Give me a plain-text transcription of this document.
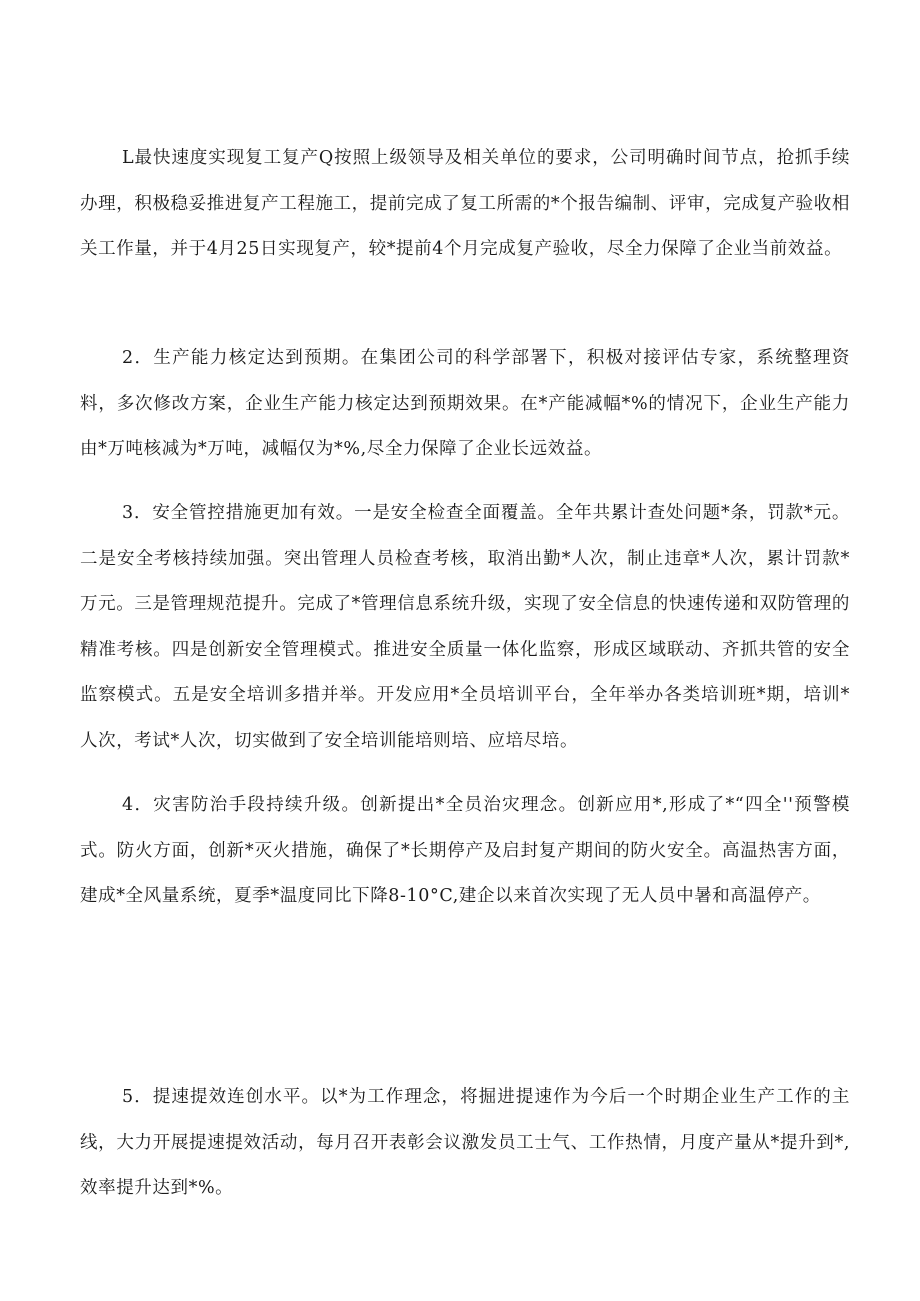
L最快速度实现复工复产Q按照上级领导及相关单位的要求，公司明确时间节点，抢抓手续办理，积极稳妥推进复产工程施工，提前完成了复工所需的*个报告编制、评审，完成复产验收相关工作量，并于4月25日实现复产，较*提前4个月完成复产验收，尽全力保障了企业当前效益。

2．生产能力核定达到预期。在集团公司的科学部署下，积极对接评估专家，系统整理资料，多次修改方案，企业生产能力核定达到预期效果。在*产能减幅*%的情况下，企业生产能力由*万吨核减为*万吨，减幅仅为*%,尽全力保障了企业长远效益。

3．安全管控措施更加有效。一是安全检查全面覆盖。全年共累计查处问题*条，罚款*元。二是安全考核持续加强。突出管理人员检查考核，取消出勤*人次，制止违章*人次，累计罚款*万元。三是管理规范提升。完成了*管理信息系统升级，实现了安全信息的快速传递和双防管理的精准考核。四是创新安全管理模式。推进安全质量一体化监察，形成区域联动、齐抓共管的安全监察模式。五是安全培训多措并举。开发应用*全员培训平台，全年举办各类培训班*期，培训*人次，考试*人次，切实做到了安全培训能培则培、应培尽培。

4．灾害防治手段持续升级。创新提出*全员治灾理念。创新应用*,形成了*“四全''预警模式。防火方面，创新*灭火措施，确保了*长期停产及启封复产期间的防火安全。高温热害方面，建成*全风量系统，夏季*温度同比下降8-10°C,建企以来首次实现了无人员中暑和高温停产。

5．提速提效连创水平。以*为工作理念，将掘进提速作为今后一个时期企业生产工作的主线，大力开展提速提效活动，每月召开表彰会议激发员工士气、工作热情，月度产量从*提升到*,效率提升达到*%。
